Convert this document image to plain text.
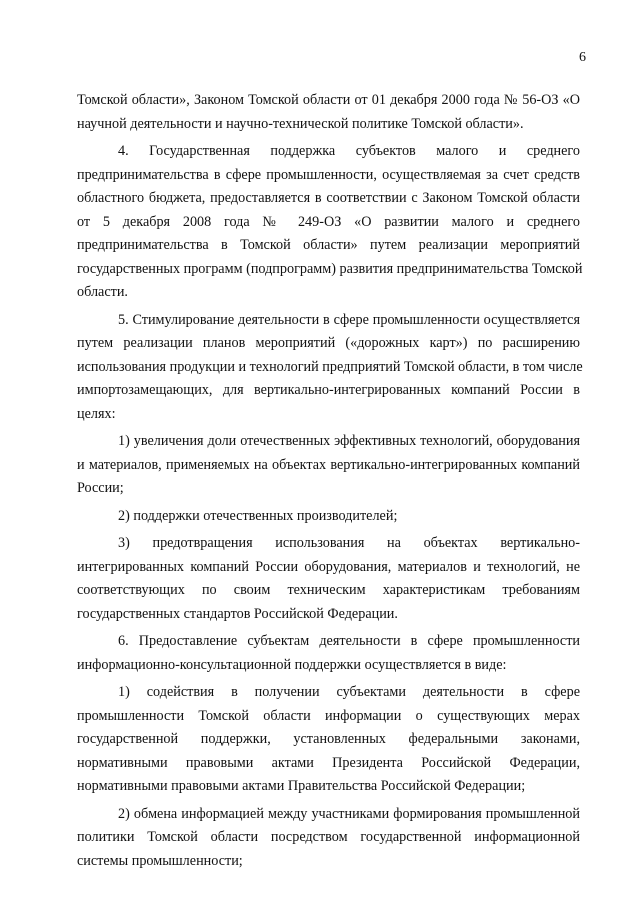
6
Томской области», Законом Томской области от 01 декабря 2000 года № 56-ОЗ «О
научной деятельности и научно-технической политике Томской области».
4. Государственная поддержка субъектов малого и среднего
предпринимательства в сфере промышленности, осуществляемая за счет средств
областного бюджета, предоставляется в соответствии с Законом Томской области
от 5 декабря 2008 года № 249-ОЗ «О развитии малого и среднего
предпринимательства в Томской области» путем реализации мероприятий
государственных программ (подпрограмм) развития предпринимательства Томской
области.
5. Стимулирование деятельности в сфере промышленности осуществляется
путем реализации планов мероприятий («дорожных карт») по расширению
использования продукции и технологий предприятий Томской области, в том числе
импортозамещающих, для вертикально-интегрированных компаний России в
целях:
1) увеличения доли отечественных эффективных технологий, оборудования
и материалов, применяемых на объектах вертикально-интегрированных компаний
России;
2) поддержки отечественных производителей;
3) предотвращения использования на объектах вертикально-
интегрированных компаний России оборудования, материалов и технологий, не
соответствующих по своим техническим характеристикам требованиям
государственных стандартов Российской Федерации.
6. Предоставление субъектам деятельности в сфере промышленности
информационно-консультационной поддержки осуществляется в виде:
1) содействия в получении субъектами деятельности в сфере
промышленности Томской области информации о существующих мерах
государственной поддержки, установленных федеральными законами,
нормативными правовыми актами Президента Российской Федерации,
нормативными правовыми актами Правительства Российской Федерации;
2) обмена информацией между участниками формирования промышленной
политики Томской области посредством государственной информационной
системы промышленности;
